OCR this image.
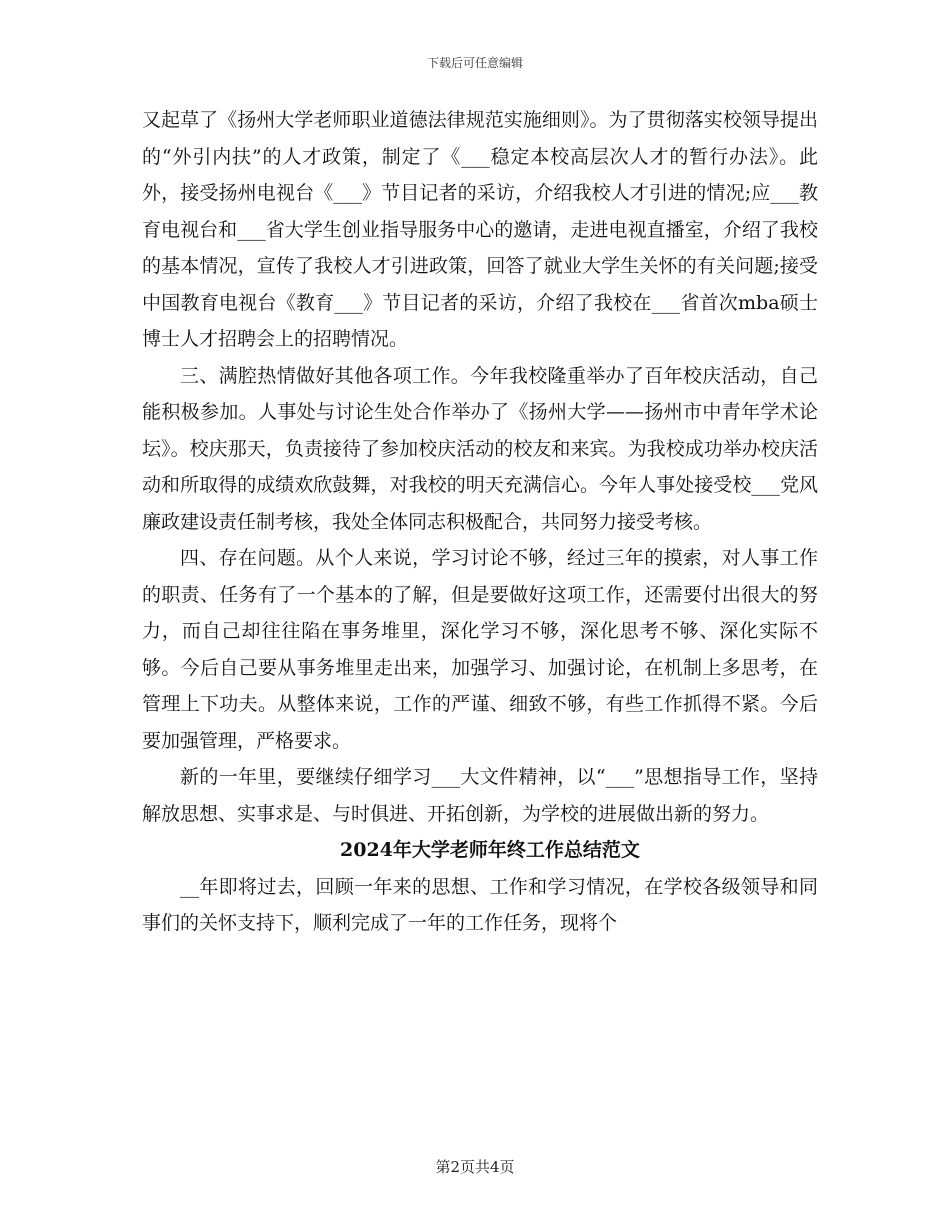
下载后可任意编辑

又起草了《扬州大学老师职业道德法律规范实施细则》。为了贯彻落实校领导提出的“外引内扶”的人才政策，制定了《___稳定本校高层次人才的暂行办法》。此外，接受扬州电视台《___》节目记者的采访，介绍我校人才引进的情况;应___教育电视台和___省大学生创业指导服务中心的邀请，走进电视直播室，介绍了我校的基本情况，宣传了我校人才引进政策，回答了就业大学生关怀的有关问题;接受中国教育电视台《教育___》节目记者的采访，介绍了我校在___省首次mba硕士博士人才招聘会上的招聘情况。

三、满腔热情做好其他各项工作。今年我校隆重举办了百年校庆活动，自己能积极参加。人事处与讨论生处合作举办了《扬州大学——扬州市中青年学术论坛》。校庆那天，负责接待了参加校庆活动的校友和来宾。为我校成功举办校庆活动和所取得的成绩欢欣鼓舞，对我校的明天充满信心。今年人事处接受校___党风廉政建设责任制考核，我处全体同志积极配合，共同努力接受考核。

四、存在问题。从个人来说，学习讨论不够，经过三年的摸索，对人事工作的职责、任务有了一个基本的了解，但是要做好这项工作，还需要付出很大的努力，而自己却往往陷在事务堆里，深化学习不够，深化思考不够、深化实际不够。今后自己要从事务堆里走出来，加强学习、加强讨论，在机制上多思考，在管理上下功夫。从整体来说，工作的严谨、细致不够，有些工作抓得不紧。今后要加强管理，严格要求。

新的一年里，要继续仔细学习___大文件精神，以“___”思想指导工作，坚持解放思想、实事求是、与时俱进、开拓创新，为学校的进展做出新的努力。

2024年大学老师年终工作总结范文

__年即将过去，回顾一年来的思想、工作和学习情况，在学校各级领导和同事们的关怀支持下，顺利完成了一年的工作任务，现将个

第2页共4页
